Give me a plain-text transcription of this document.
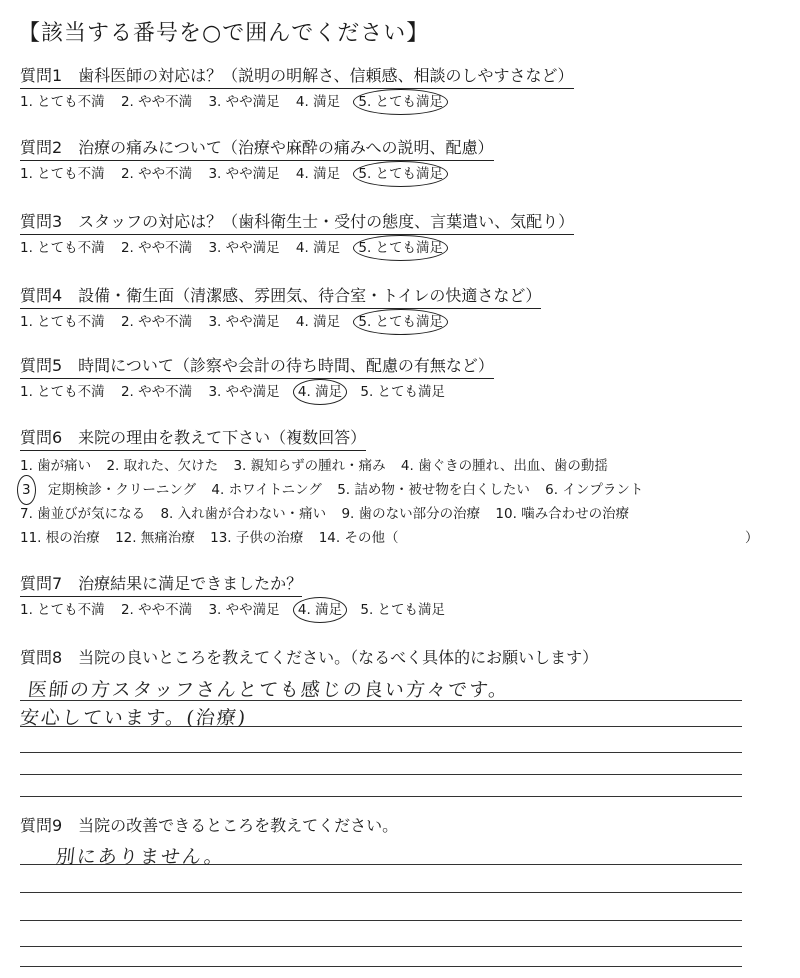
【該当する番号を○で囲んでください】
質問1　歯科医師の対応は？（説明の明解さ、信頼感、相談のしやすさなど）
1. とても不満 2. やや不満 3. やや満足 4. 満足 5. とても満足
質問2　治療の痛みについて（治療や麻酔の痛みへの説明、配慮）
1. とても不満 2. やや不満 3. やや満足 4. 満足 5. とても満足
質問3　スタッフの対応は？（歯科衛生士・受付の態度、言葉遣い、気配り）
1. とても不満 2. やや不満 3. やや満足 4. 満足 5. とても満足
質問4　設備・衛生面（清潔感、雰囲気、待合室・トイレの快適さなど）
1. とても不満 2. やや不満 3. やや満足 4. 満足 5. とても満足
質問5　時間について（診察や会計の待ち時間、配慮の有無など）
1. とても不満 2. やや不満 3. やや満足 4. 満足 5. とても満足
質問6　来院の理由を教えて下さい（複数回答）
1. 歯が痛い 2. 取れた、欠けた 3. 親知らずの腫れ・痛み 4. 歯ぐきの腫れ、出血、歯の動揺
3 定期検診・クリーニング 4. ホワイトニング 5. 詰め物・被せ物を白くしたい 6. インプラント
7. 歯並びが気になる 8. 入れ歯が合わない・痛い 9. 歯のない部分の治療 10. 噛み合わせの治療
11. 根の治療 12. 無痛治療 13. 子供の治療 14. その他（	）
質問7　治療結果に満足できましたか？
1. とても不満 2. やや不満 3. やや満足 4. 満足 5. とても満足
質問8　当院の良いところを教えてください。（なるべく具体的にお願いします）
医師の方スタッフさんとても感じの良い方々です。
安心しています。(治療)
質問9　当院の改善できるところを教えてください。
別にありません。
